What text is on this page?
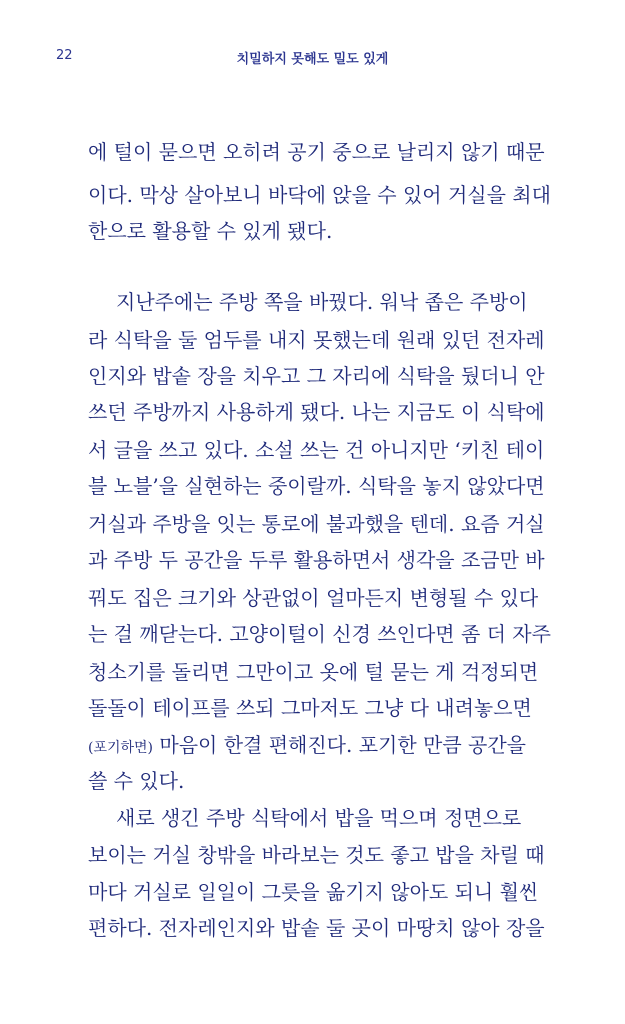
22	치밀하지 못해도 밀도 있게
에 털이 묻으면 오히려 공기 중으로 날리지 않기 때문
이다. 막상 살아보니 바닥에 앉을 수 있어 거실을 최대
한으로 활용할 수 있게 됐다.
지난주에는 주방 쪽을 바꿨다. 워낙 좁은 주방이
라 식탁을 둘 엄두를 내지 못했는데 원래 있던 전자레
인지와 밥솥 장을 치우고 그 자리에 식탁을 뒀더니 안
쓰던 주방까지 사용하게 됐다. 나는 지금도 이 식탁에
서 글을 쓰고 있다. 소설 쓰는 건 아니지만 ‘키친 테이
블 노블’을 실현하는 중이랄까. 식탁을 놓지 않았다면
거실과 주방을 잇는 통로에 불과했을 텐데. 요즘 거실
과 주방 두 공간을 두루 활용하면서 생각을 조금만 바
꿔도 집은 크기와 상관없이 얼마든지 변형될 수 있다
는 걸 깨닫는다. 고양이털이 신경 쓰인다면 좀 더 자주
청소기를 돌리면 그만이고 옷에 털 묻는 게 걱정되면
돌돌이 테이프를 쓰되 그마저도 그냥 다 내려놓으면
(포기하면) 마음이 한결 편해진다. 포기한 만큼 공간을
쓸 수 있다.
새로 생긴 주방 식탁에서 밥을 먹으며 정면으로
보이는 거실 창밖을 바라보는 것도 좋고 밥을 차릴 때
마다 거실로 일일이 그릇을 옮기지 않아도 되니 훨씬
편하다. 전자레인지와 밥솥 둘 곳이 마땅치 않아 장을
